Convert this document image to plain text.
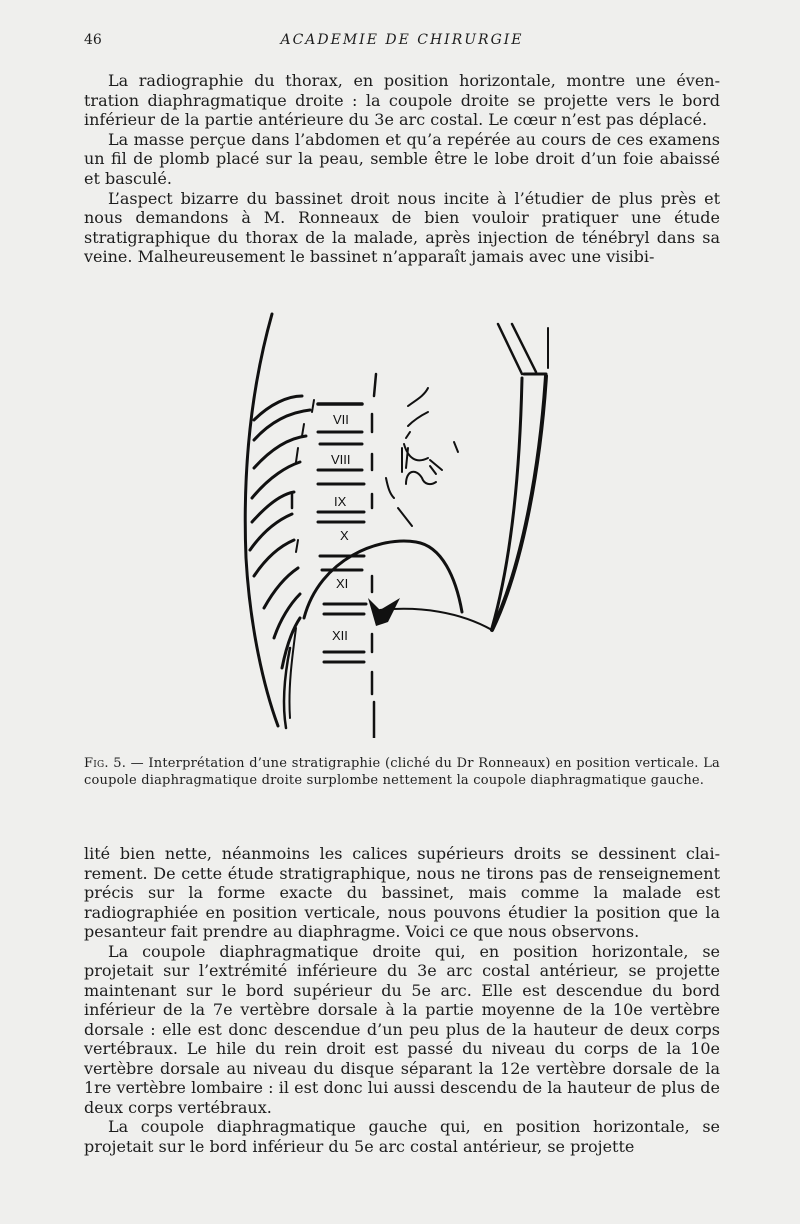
46	ACADEMIE DE CHIRURGIE

La radiographie du thorax, en position horizontale, montre une éventration diaphragmatique droite : la coupole droite se projette vers le bord inférieur de la partie antérieure du 3e arc costal. Le cœur n’est pas déplacé.

La masse perçue dans l’abdomen et qu’a repérée au cours de ces examens un fil de plomb placé sur la peau, semble être le lobe droit d’un foie abaissé et basculé.

L’aspect bizarre du bassinet droit nous incite à l’étudier de plus près et nous demandons à M. Ronneaux de bien vouloir pratiquer une étude stratigraphique du thorax de la malade, après injection de ténébryl dans sa veine. Malheureusement le bassinet n’apparaît jamais avec une visibi-

VII
VIII
IX
X
XI
XII
Fig. 5. — Interprétation d’une stratigraphie (cliché du Dr Ronneaux) en position verticale. La coupole diaphragmatique droite surplombe nettement la coupole diaphragmatique gauche.

lité bien nette, néanmoins les calices supérieurs droits se dessinent clairement. De cette étude stratigraphique, nous ne tirons pas de renseignement précis sur la forme exacte du bassinet, mais comme la malade est radiographiée en position verticale, nous pouvons étudier la position que la pesanteur fait prendre au diaphragme. Voici ce que nous observons.

La coupole diaphragmatique droite qui, en position horizontale, se projetait sur l’extrémité inférieure du 3e arc costal antérieur, se projette maintenant sur le bord supérieur du 5e arc. Elle est descendue du bord inférieur de la 7e vertèbre dorsale à la partie moyenne de la 10e vertèbre dorsale : elle est donc descendue d’un peu plus de la hauteur de deux corps vertébraux. Le hile du rein droit est passé du niveau du corps de la 10e vertèbre dorsale au niveau du disque séparant la 12e vertèbre dorsale de la 1re vertèbre lombaire : il est donc lui aussi descendu de la hauteur de plus de deux corps vertébraux.

La coupole diaphragmatique gauche qui, en position horizontale, se projetait sur le bord inférieur du 5e arc costal antérieur, se projette
